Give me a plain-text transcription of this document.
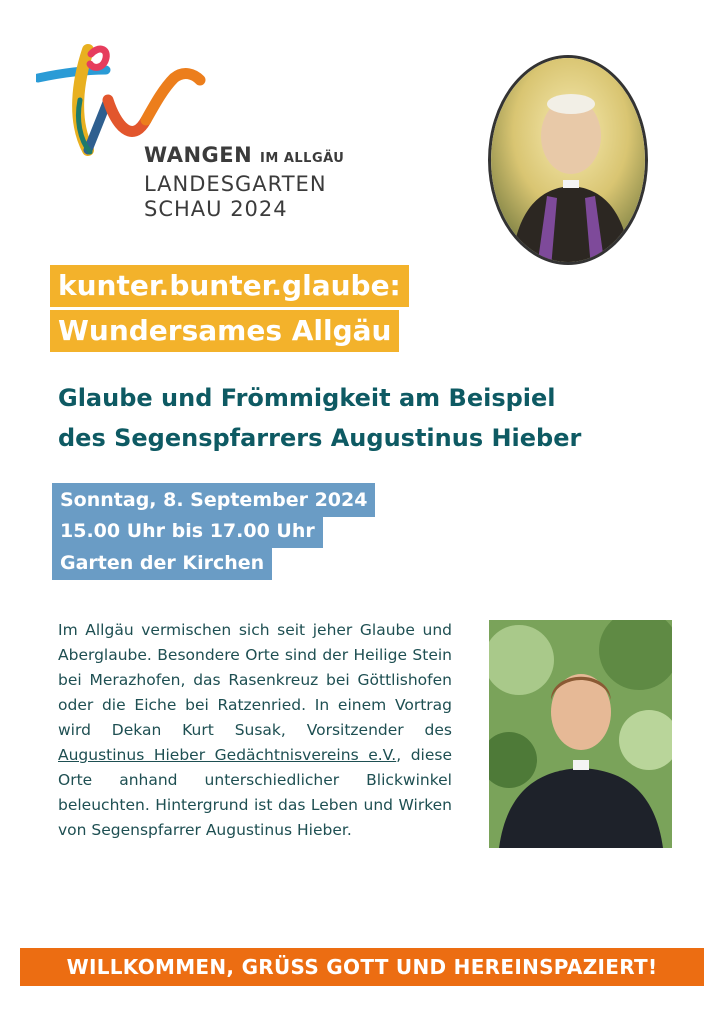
WANGEN IM ALLGÄU
LANDESGARTEN
SCHAU 2024
kunter.bunter.glaube:
Wundersames Allgäu
Glaube und Frömmigkeit am Beispiel
des Segenspfarrers Augustinus Hieber
Sonntag, 8. September 2024
15.00 Uhr bis 17.00 Uhr
Garten der Kirchen
Im Allgäu vermischen sich seit jeher Glaube und Aberglaube. Besondere Orte sind der Heilige Stein bei Merazhofen, das Rasenkreuz bei Göttlishofen oder die Eiche bei Ratzenried. In einem Vortrag wird Dekan Kurt Susak, Vorsitzender des Augustinus Hieber Gedächtnisvereins e.V., diese Orte anhand unterschiedlicher Blickwinkel beleuchten. Hintergrund ist das Leben und Wirken von Segenspfarrer Augustinus Hieber.
WILLKOMMEN, GRÜSS GOTT UND HEREINSPAZIERT!
